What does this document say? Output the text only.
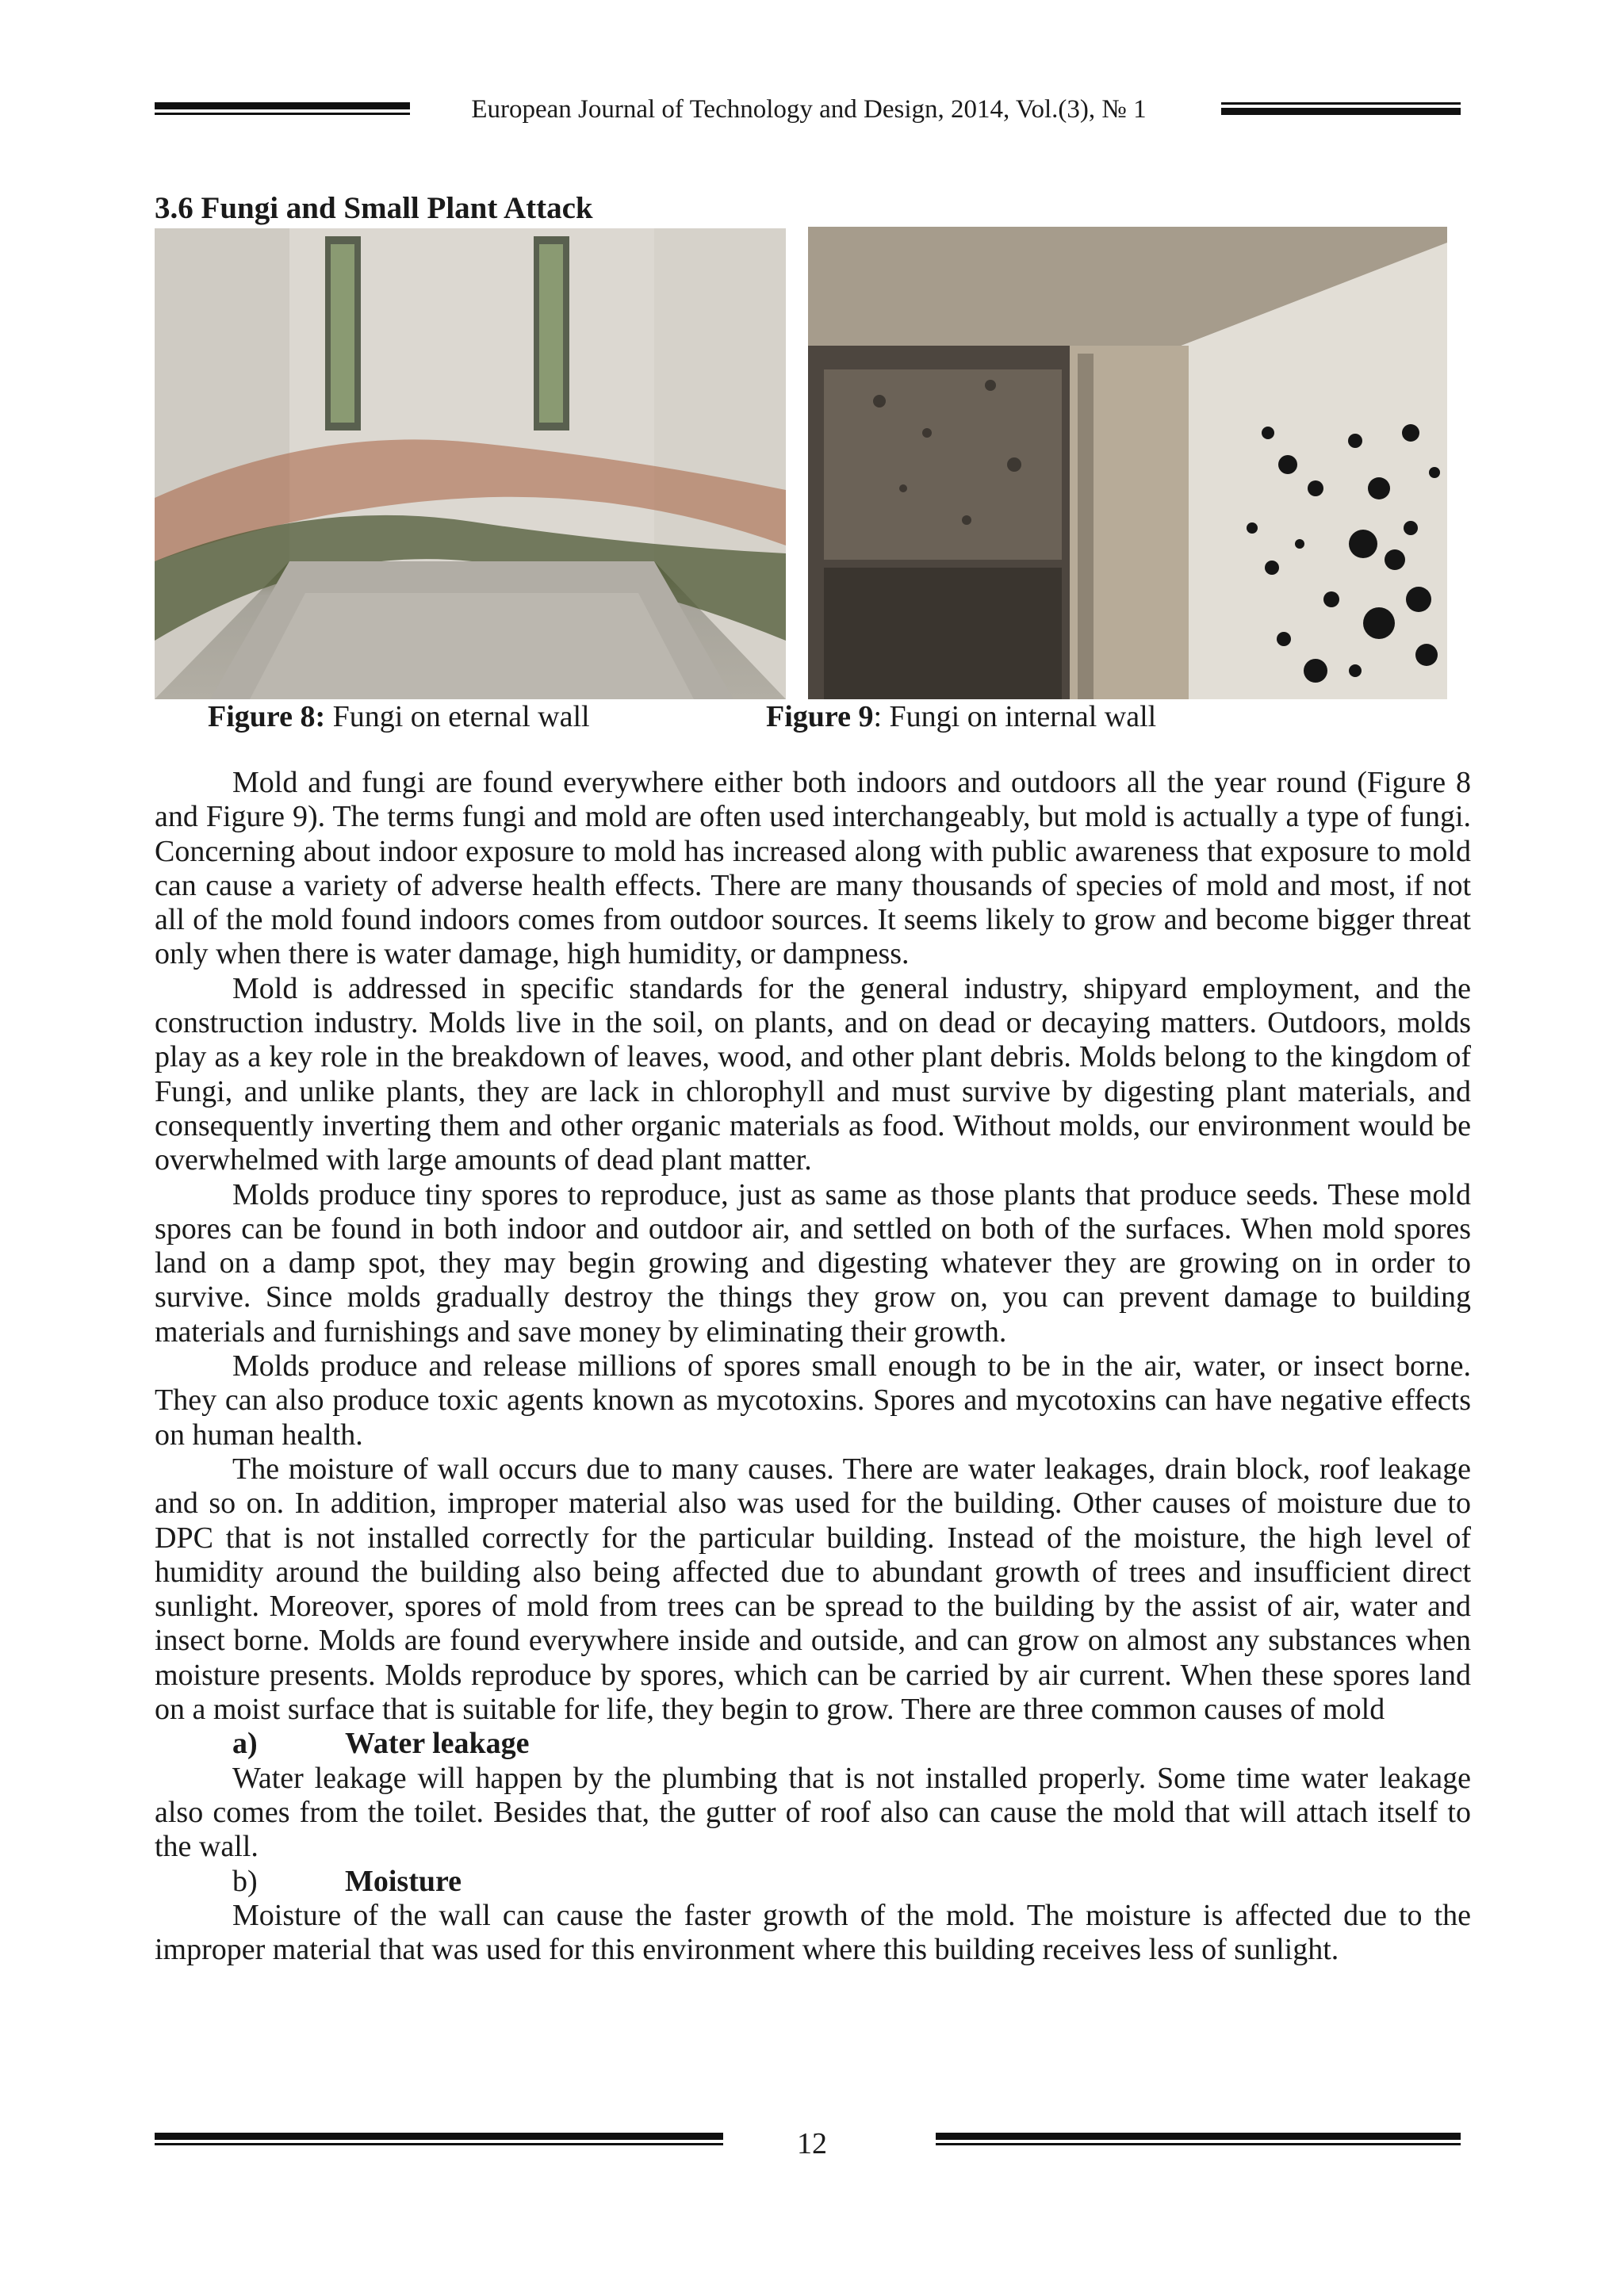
European Journal of Technology and Design, 2014, Vol.(3), № 1
3.6 Fungi and Small Plant Attack
Figure 8: Fungi on eternal wall	Figure 9: Fungi on internal wall

Mold and fungi are found everywhere either both indoors and outdoors all the year round (Figure 8 and Figure 9). The terms fungi and mold are often used interchangeably, but mold is actually a type of fungi. Concerning about indoor exposure to mold has increased along with public awareness that exposure to mold can cause a variety of adverse health effects. There are many thousands of species of mold and most, if not all of the mold found indoors comes from outdoor sources. It seems likely to grow and become bigger threat only when there is water damage, high humidity, or dampness.

Mold is addressed in specific standards for the general industry, shipyard employment, and the construction industry. Molds live in the soil, on plants, and on dead or decaying matters. Outdoors, molds play as a key role in the breakdown of leaves, wood, and other plant debris. Molds belong to the kingdom of Fungi, and unlike plants, they are lack in chlorophyll and must survive by digesting plant materials, and consequently inverting them and other organic materials as food. Without molds, our environment would be overwhelmed with large amounts of dead plant matter.

Molds produce tiny spores to reproduce, just as same as those plants that produce seeds. These mold spores can be found in both indoor and outdoor air, and settled on both of the surfaces. When mold spores land on a damp spot, they may begin growing and digesting whatever they are growing on in order to survive. Since molds gradually destroy the things they grow on, you can prevent damage to building materials and furnishings and save money by eliminating their growth.

Molds produce and release millions of spores small enough to be in the air, water, or insect borne. They can also produce toxic agents known as mycotoxins. Spores and mycotoxins can have negative effects on human health.

The moisture of wall occurs due to many causes. There are water leakages, drain block, roof leakage and so on. In addition, improper material also was used for the building. Other causes of moisture due to DPC that is not installed correctly for the particular building. Instead of the moisture, the high level of humidity around the building also being affected due to abundant growth of trees and insufficient direct sunlight. Moreover, spores of mold from trees can be spread to the building by the assist of air, water and insect borne. Molds are found everywhere inside and outside, and can grow on almost any substances when moisture presents. Molds reproduce by spores, which can be carried by air current. When these spores land on a moist surface that is suitable for life, they begin to grow. There are three common causes of mold

a)	Water leakage

Water leakage will happen by the plumbing that is not installed properly. Some time water leakage also comes from the toilet. Besides that, the gutter of roof also can cause the mold that will attach itself to the wall.

b)	Moisture

Moisture of the wall can cause the faster growth of the mold. The moisture is affected due to the improper material that was used for this environment where this building receives less of sunlight.

12
